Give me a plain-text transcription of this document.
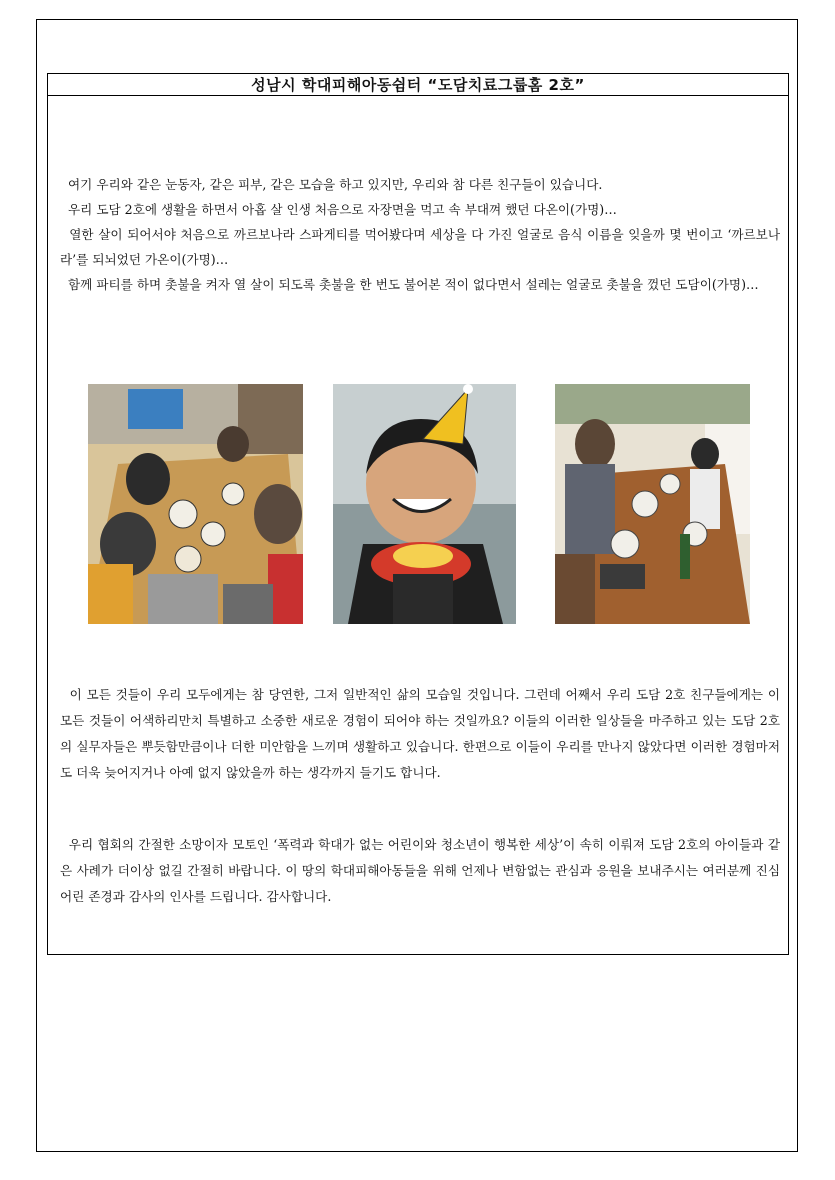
성남시 학대피해아동쉼터 “도담치료그룹홈 2호”

여기 우리와 같은 눈동자, 같은 피부, 같은 모습을 하고 있지만, 우리와 참 다른 친구들이 있습니다.

우리 도담 2호에 생활을 하면서 아홉 살 인생 처음으로 자장면을 먹고 속 부대껴 했던 다온이(가명)…

열한 살이 되어서야 처음으로 까르보나라 스파게티를 먹어봤다며 세상을 다 가진 얼굴로 음식 이름을 잊을까 몇 번이고 ‘까르보나라’를 되뇌었던 가온이(가명)…

함께 파티를 하며 촛불을 켜자 열 살이 되도록 촛불을 한 번도 불어본 적이 없다면서 설레는 얼굴로 촛불을 껐던 도담이(가명)…

이 모든 것들이 우리 모두에게는 참 당연한, 그저 일반적인 삶의 모습일 것입니다. 그런데 어째서 우리 도담 2호 친구들에게는 이 모든 것들이 어색하리만치 특별하고 소중한 새로운 경험이 되어야 하는 것일까요? 이들의 이러한 일상들을 마주하고 있는 도담 2호의 실무자들은 뿌듯함만큼이나 더한 미안함을 느끼며 생활하고 있습니다. 한편으로 이들이 우리를 만나지 않았다면 이러한 경험마저도 더욱 늦어지거나 아예 없지 않았을까 하는 생각까지 들기도 합니다.
우리 협회의 간절한 소망이자 모토인 ‘폭력과 학대가 없는 어린이와 청소년이 행복한 세상’이 속히 이뤄져 도담 2호의 아이들과 같은 사례가 더이상 없길 간절히 바랍니다. 이 땅의 학대피해아동들을 위해 언제나 변함없는 관심과 응원을 보내주시는 여러분께 진심 어린 존경과 감사의 인사를 드립니다. 감사합니다.
